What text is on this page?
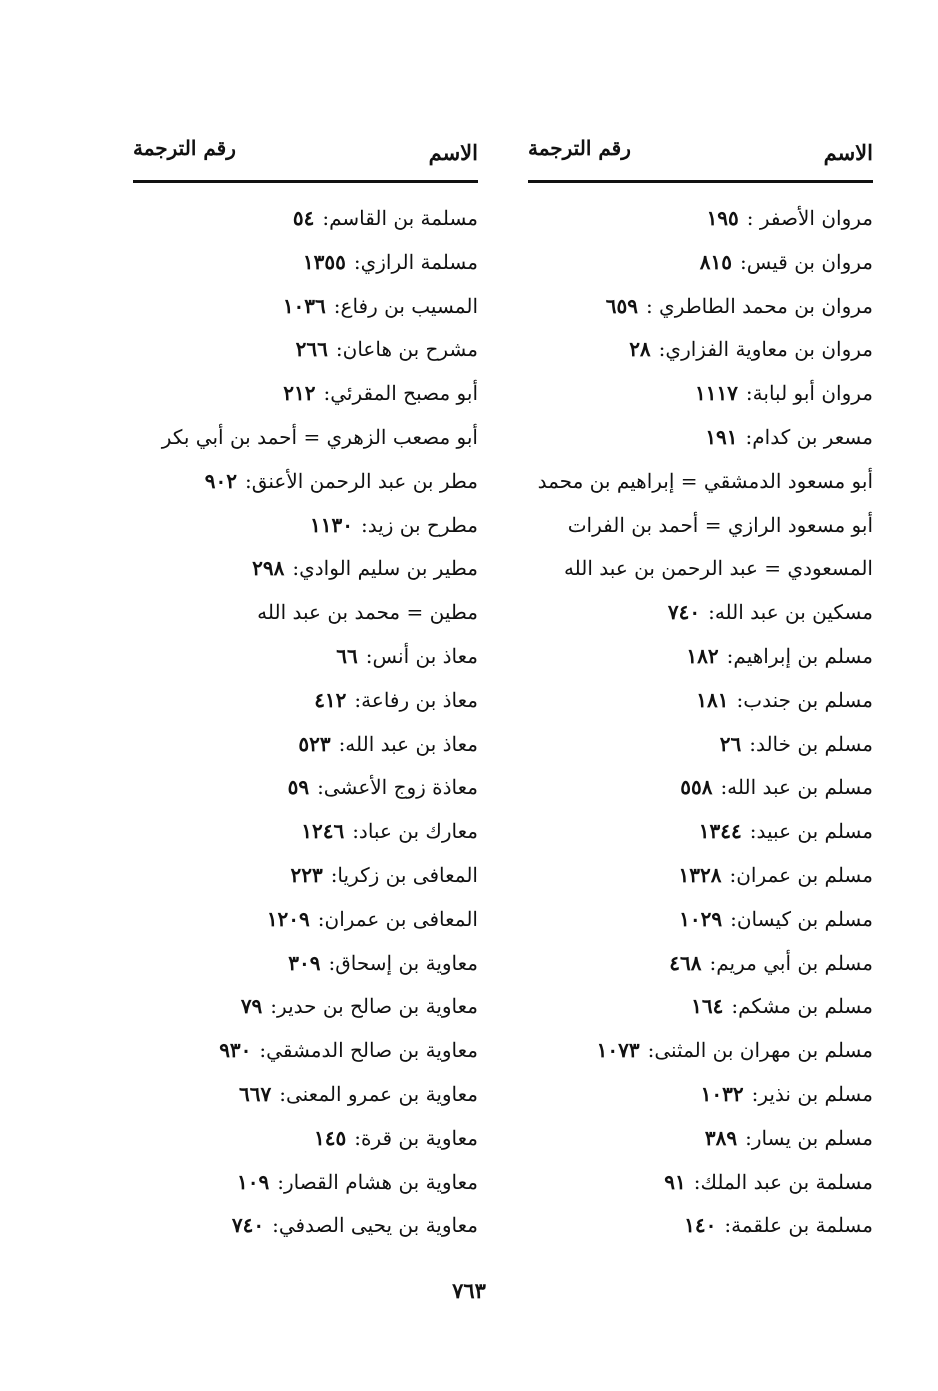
الاسم
رقم الترجمة
مروان الأصفر :١٩٥
مروان بن قيس:٨١٥
مروان بن محمد الطاطري :٦٥٩
مروان بن معاوية الفزاري:٢٨
مروان أبو لبابة:١١١٧
مسعر بن كدام:١٩١
أبو مسعود الدمشقي = إبراهيم بن محمد
أبو مسعود الرازي = أحمد بن الفرات
المسعودي = عبد الرحمن بن عبد الله
مسكين بن عبد الله:٧٤٠
مسلم بن إبراهيم:١٨٢
مسلم بن جندب:١٨١
مسلم بن خالد:٢٦
مسلم بن عبد الله:٥٥٨
مسلم بن عبيد:١٣٤٤
مسلم بن عمران:١٣٢٨
مسلم بن كيسان:١٠٢٩
مسلم بن أبي مريم:٤٦٨
مسلم بن مشكم:١٦٤
مسلم بن مهران بن المثنى:١٠٧٣
مسلم بن نذير:١٠٣٢
مسلم بن يسار:٣٨٩
مسلمة بن عبد الملك:٩١
مسلمة بن علقمة:١٤٠
الاسم
رقم الترجمة
مسلمة بن القاسم:٥٤
مسلمة الرازي:١٣٥٥
المسيب بن رفاع:١٠٣٦
مشرح بن هاعان:٢٦٦
أبو مصبح المقرئي:٢١٢
أبو مصعب الزهري = أحمد بن أبي بكر
مطر بن عبد الرحمن الأعنق:٩٠٢
مطرح بن زيد:١١٣٠
مطير بن سليم الوادي:٢٩٨
مطين = محمد بن عبد الله
معاذ بن أنس:٦٦
معاذ بن رفاعة:٤١٢
معاذ بن عبد الله:٥٢٣
معاذة زوج الأعشى:٥٩
معارك بن عباد:١٢٤٦
المعافى بن زكريا:٢٢٣
المعافى بن عمران:١٢٠٩
معاوية بن إسحاق:٣٠٩
معاوية بن صالح بن حدير:٧٩
معاوية بن صالح الدمشقي:٩٣٠
معاوية بن عمرو المعنى:٦٦٧
معاوية بن قرة:١٤٥
معاوية بن هشام القصار:١٠٩
معاوية بن يحيى الصدفي:٧٤٠
٧٦٣
